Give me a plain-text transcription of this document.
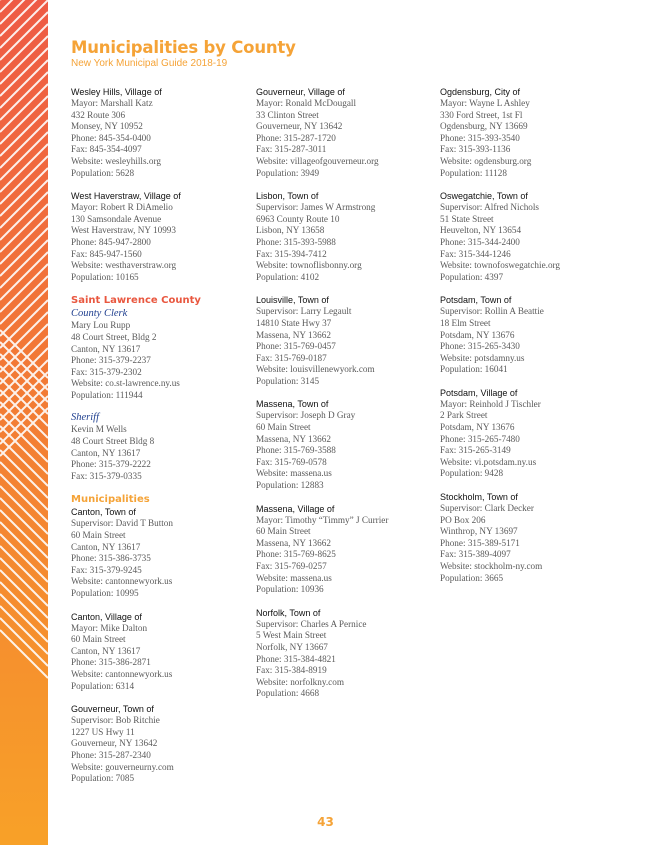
Municipalities by County
New York Municipal Guide 2018-19
Wesley Hills, Village of
Mayor: Marshall Katz
432 Route 306
Monsey, NY 10952
Phone: 845-354-0400
Fax: 845-354-4097
Website: wesleyhills.org
Population: 5628
West Haverstraw, Village of
Mayor: Robert R DiAmelio
130 Samsondale Avenue
West Haverstraw, NY 10993
Phone: 845-947-2800
Fax: 845-947-1560
Website: westhaverstraw.org
Population: 10165
Saint Lawrence County
County Clerk
Mary Lou Rupp
48 Court Street, Bldg 2
Canton, NY 13617
Phone: 315-379-2237
Fax: 315-379-2302
Website: co.st-lawrence.ny.us
Population: 111944
Sheriff
Kevin M Wells
48 Court Street Bldg 8
Canton, NY 13617
Phone: 315-379-2222
Fax: 315-379-0335
Municipalities
Canton, Town of
Supervisor: David T Button
60 Main Street
Canton, NY 13617
Phone: 315-386-3735
Fax: 315-379-9245
Website: cantonnewyork.us
Population: 10995
Canton, Village of
Mayor: Mike Dalton
60 Main Street
Canton, NY 13617
Phone: 315-386-2871
Website: cantonnewyork.us
Population: 6314
Gouverneur, Town of
Supervisor: Bob Ritchie
1227 US Hwy 11
Gouverneur, NY 13642
Phone: 315-287-2340
Website: gouverneurny.com
Population: 7085
Gouverneur, Village of
Mayor: Ronald McDougall
33 Clinton Street
Gouverneur, NY 13642
Phone: 315-287-1720
Fax: 315-287-3011
Website: villageofgouverneur.org
Population: 3949
Lisbon, Town of
Supervisor: James W Armstrong
6963 County Route 10
Lisbon, NY 13658
Phone: 315-393-5988
Fax: 315-394-7412
Website: townoflisbonny.org
Population: 4102
Louisville, Town of
Supervisor: Larry Legault
14810 State Hwy 37
Massena, NY 13662
Phone: 315-769-0457
Fax: 315-769-0187
Website: louisvillenewyork.com
Population: 3145
Massena, Town of
Supervisor: Joseph D Gray
60 Main Street
Massena, NY 13662
Phone: 315-769-3588
Fax: 315-769-0578
Website: massena.us
Population: 12883
Massena, Village of
Mayor: Timothy “Timmy” J Currier
60 Main Street
Massena, NY 13662
Phone: 315-769-8625
Fax: 315-769-0257
Website: massena.us
Population: 10936
Norfolk, Town of
Supervisor: Charles A Pernice
5 West Main Street
Norfolk, NY 13667
Phone: 315-384-4821
Fax: 315-384-8919
Website: norfolkny.com
Population: 4668
Ogdensburg, City of
Mayor: Wayne L Ashley
330 Ford Street, 1st Fl
Ogdensburg, NY 13669
Phone: 315-393-3540
Fax: 315-393-1136
Website: ogdensburg.org
Population: 11128
Oswegatchie, Town of
Supervisor: Alfred Nichols
51 State Street
Heuvelton, NY 13654
Phone: 315-344-2400
Fax: 315-344-1246
Website: townofoswegatchie.org
Population: 4397
Potsdam, Town of
Supervisor: Rollin A Beattie
18 Elm Street
Potsdam, NY 13676
Phone: 315-265-3430
Website: potsdamny.us
Population: 16041
Potsdam, Village of
Mayor: Reinhold J Tischler
2 Park Street
Potsdam, NY 13676
Phone: 315-265-7480
Fax: 315-265-3149
Website: vi.potsdam.ny.us
Population: 9428
Stockholm, Town of
Supervisor: Clark Decker
PO Box 206
Winthrop, NY 13697
Phone: 315-389-5171
Fax: 315-389-4097
Website: stockholm-ny.com
Population: 3665
43
